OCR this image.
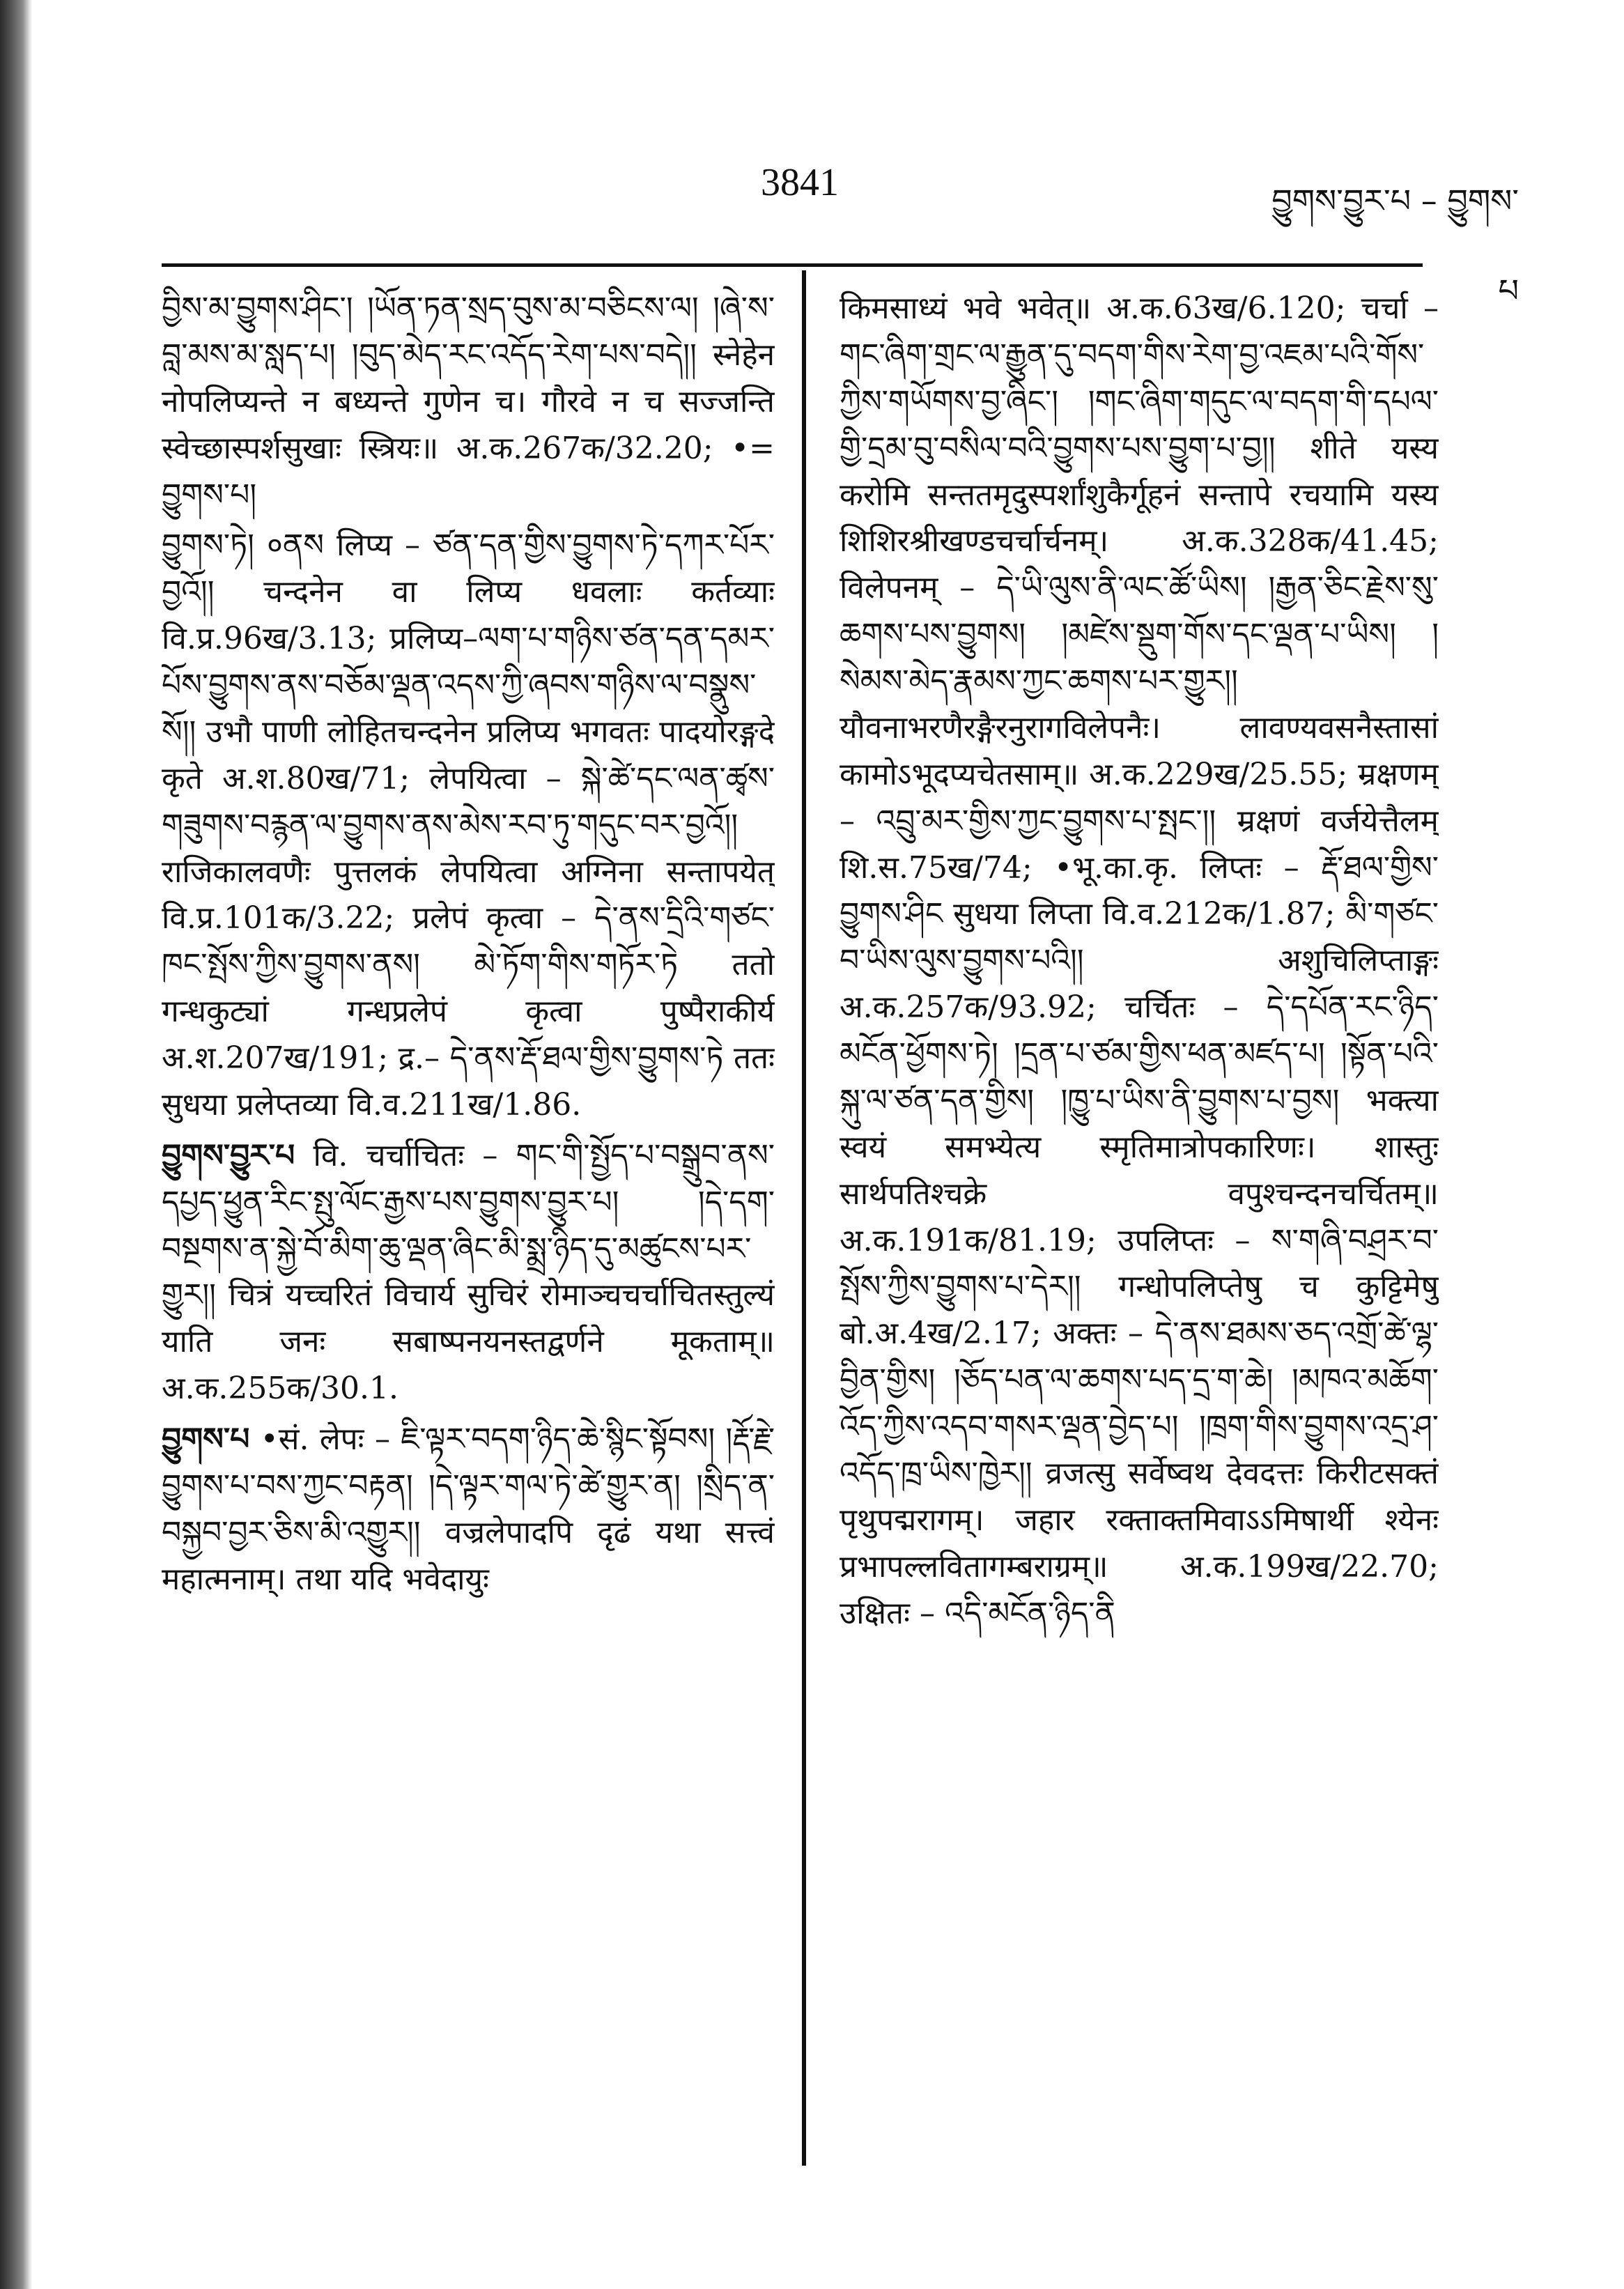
3841	བྱུགས་བྱུར་པ – བྱུགས་པ

བྱིས་མ་བྱུགས་ཤིང་། །ཡོན་ཏན་སྲད་བུས་མ་བཅིངས་ལ། །ཞེ་ས་བླ་མས་མ་སླད་པ། །བུད་མེད་རང་འདོད་རེག་པས་བདེ།། स्नेहेन नोपलिप्यन्ते न बध्यन्ते गुणेन च। गौरवे न च सज्जन्ति स्वेच्छास्पर्शसुखाः स्त्रियः॥ अ.क.267क/32.20; •= བྱུགས་པ།

བྱུགས་ཏེ། ०ནས लिप्य – ཙན་དན་གྱིས་བྱུགས་ཏེ་དཀར་པོར་བྱའོ།། चन्दनेन वा लिप्य धवलाः कर्तव्याः वि.प्र.96ख/3.13; प्रलिप्य–ལག་པ་གཉིས་ཙན་དན་དམར་པོས་བྱུགས་ནས་བཅོམ་ལྡན་འདས་ཀྱི་ཞབས་གཉིས་ལ་བསྣུས་སོ།། उभौ पाणी लोहितचन्दनेन प्रलिप्य भगवतः पादयोरङ्गदे कृते अ.श.80ख/71; लेपयित्वा – སྐེ་ཚེ་དང་ལན་ཚྭས་གཟུགས་བརྙན་ལ་བྱུགས་ནས་མེས་རབ་ཏུ་གདུང་བར་བྱའོ།། राजिकालवणैः पुत्तलकं लेपयित्वा अग्निना सन्तापयेत् वि.प्र.101क/3.22; प्रलेपं कृत्वा – དེ་ནས་དྲིའི་གཙང་ཁང་སྤོས་ཀྱིས་བྱུགས་ནས། མེ་ཏོག་གིས་གཏོར་ཏེ ततो गन्धकुट्यां गन्धप्रलेपं कृत्वा पुष्पैराकीर्य अ.श.207ख/191; द्र.– དེ་ནས་རྡོ་ཐལ་གྱིས་བྱུགས་ཏེ ततः सुधया प्रलेप्तव्या वि.व.211ख/1.86.

བྱུགས་བྱུར་པ वि. चर्चाचितः – གང་གི་སྤྱོད་པ་བསྒྲུབ་ནས་དཔྱད་ཕྱུན་རིང་སྤུ་ལོང་རྒྱས་པས་བྱུགས་བྱུར་པ། །དེ་དག་བསྔགས་ན་སྐྱེ་བོ་མིག་ཆུ་ལྡན་ཞིང་མི་སྨྲ་ཉིད་དུ་མཚུངས་པར་གྱུར།། चित्रं यच्चरितं विचार्य सुचिरं रोमाञ्चचर्चाचितस्तुल्यं याति जनः सबाष्पनयनस्तद्वर्णने मूकताम्॥ अ.क.255क/30.1.

བྱུགས་པ •सं. लेपः – ཇི་ལྟར་བདག་ཉིད་ཆེ་སྙིང་སྟོབས། །རྡོ་རྗེ་བྱུགས་པ་བས་ཀྱང་བརྟན། །དེ་ལྟར་གལ་ཏེ་ཚེ་གྱུར་ན། །སྲིད་ན་བསྐྱབ་བྱར་ཅིས་མི་འགྱུར།། वज्रलेपादपि दृढं यथा सत्त्वं महात्मनाम्। तथा यदि भवेदायुः

किमसाध्यं भवे भवेत्॥ अ.क.63ख/6.120; चर्चा – གང་ཞིག་གྲང་ལ་རྒྱུན་དུ་བདག་གིས་རེག་བྱ་འཇམ་པའི་གོས་ཀྱིས་གཡོགས་བྱ་ཞིང་། །གང་ཞིག་གདུང་ལ་བདག་གི་དཔལ་གྱི་དྲམ་བུ་བསིལ་བའི་བྱུགས་པས་བྱུག་པ་བྱ།། शीते यस्य करोमि सन्ततमृदुस्पर्शांशुकैर्गूहनं सन्तापे रचयामि यस्य शिशिरश्रीखण्डचर्चार्चनम्। अ.क.328क/41.45; विलेपनम् – དེ་ཡི་ལུས་ནི་ལང་ཚོ་ཡིས། །རྒྱན་ཅིང་རྗེས་སུ་ཆགས་པས་བྱུགས། །མཛེས་སྡུག་གོས་དང་ལྡན་པ་ཡིས། །སེམས་མེད་རྣམས་ཀྱང་ཆགས་པར་གྱུར།། यौवनाभरणैरङ्गैरनुरागविलेपनैः। लावण्यवसनैस्तासां कामोऽभूदप्यचेतसाम्॥ अ.क.229ख/25.55; म्रक्षणम् – འབྲུ་མར་གྱིས་ཀྱང་བྱུགས་པ་སྤང་།། म्रक्षणं वर्जयेत्तैलम् शि.स.75ख/74; •भू.का.कृ. लिप्तः – རྡོ་ཐལ་གྱིས་བྱུགས་ཤིང सुधया लिप्ता वि.व.212क/1.87; མི་གཙང་བ་ཡིས་ལུས་བྱུགས་པའི།། अशुचिलिप्ताङ्गः अ.क.257क/93.92; चर्चितः – དེ་དཔོན་རང་ཉིད་མངོན་ཕྱོགས་ཏེ། །དྲན་པ་ཙམ་གྱིས་ཕན་མཛད་པ། །སྟོན་པའི་སྐུ་ལ་ཙན་དན་གྱིས། །ཁྱུ་པ་ཡིས་ནི་བྱུགས་པ་བྱས། भक्त्या स्वयं समभ्येत्य स्मृतिमात्रोपकारिणः। शास्तुः सार्थपतिश्चक्रे वपुश्चन्दनचर्चितम्॥ अ.क.191क/81.19; उपलिप्तः – ས་གཞི་བཤྲར་བ་སྤོས་ཀྱིས་བྱུགས་པ་དེར།། गन्धोपलिप्तेषु च कुट्टिमेषु बो.अ.4ख/2.17; अक्तः – དེ་ནས་ཐམས་ཅད་འགྲོ་ཚེ་ལྷ་བྱིན་གྱིས། །ཅོད་པན་ལ་ཆགས་པད་དྲ་ག་ཆེ། །མཁའ་མཆོག་འོད་ཀྱིས་འདབ་གསར་ལྡན་བྱེད་པ། །ཁྲག་གིས་བྱུགས་འདྲ་ཤ་འདོད་ཁྲ་ཡིས་ཁྱེར།། व्रजत्सु सर्वेष्वथ देवदत्तः किरीटसक्तं पृथुपद्मरागम्। जहार रक्ताक्तमिवाऽऽमिषार्थी श्येनः प्रभापल्लवितागम्बराग्रम्॥ अ.क.199ख/22.70; उक्षितः – འདི་མངོན་ཉིད་ནི
